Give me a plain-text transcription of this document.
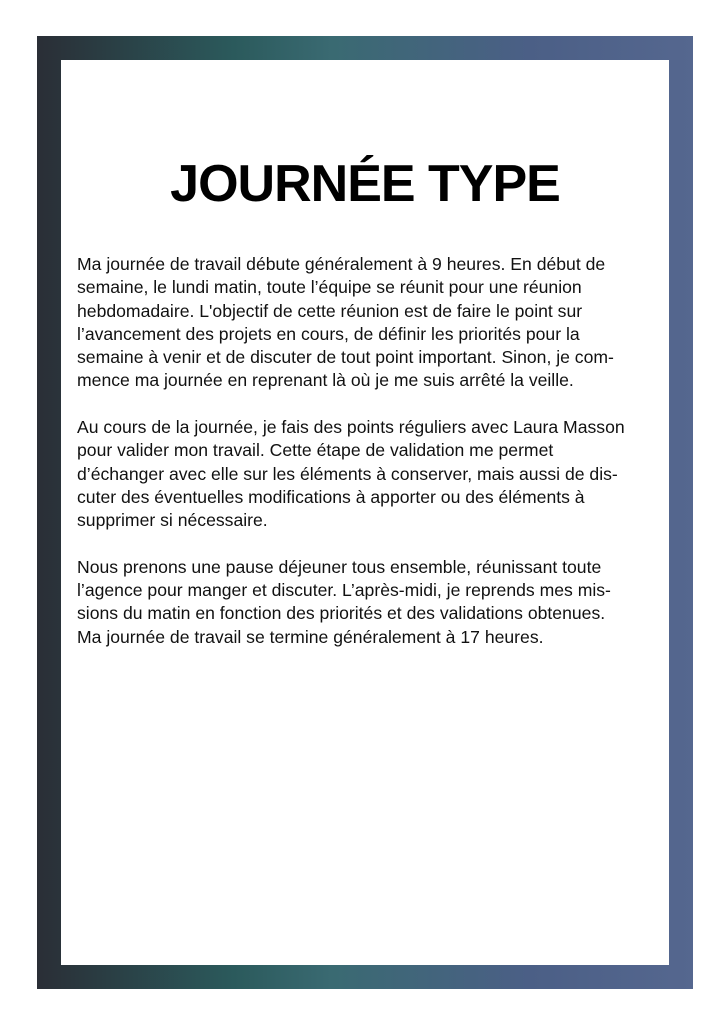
JOURNÉE TYPE

Ma journée de travail débute généralement à 9 heures. En début de
semaine, le lundi matin, toute l’équipe se réunit pour une réunion
hebdomadaire. L'objectif de cette réunion est de faire le point sur
l’avancement des projets en cours, de définir les priorités pour la
semaine à venir et de discuter de tout point important. Sinon, je com-
mence ma journée en reprenant là où je me suis arrêté la veille.

Au cours de la journée, je fais des points réguliers avec Laura Masson
pour valider mon travail. Cette étape de validation me permet
d’échanger avec elle sur les éléments à conserver, mais aussi de dis-
cuter des éventuelles modifications à apporter ou des éléments à
supprimer si nécessaire.

Nous prenons une pause déjeuner tous ensemble, réunissant toute
l’agence pour manger et discuter. L’après-midi, je reprends mes mis-
sions du matin en fonction des priorités et des validations obtenues.
Ma journée de travail se termine généralement à 17 heures.
